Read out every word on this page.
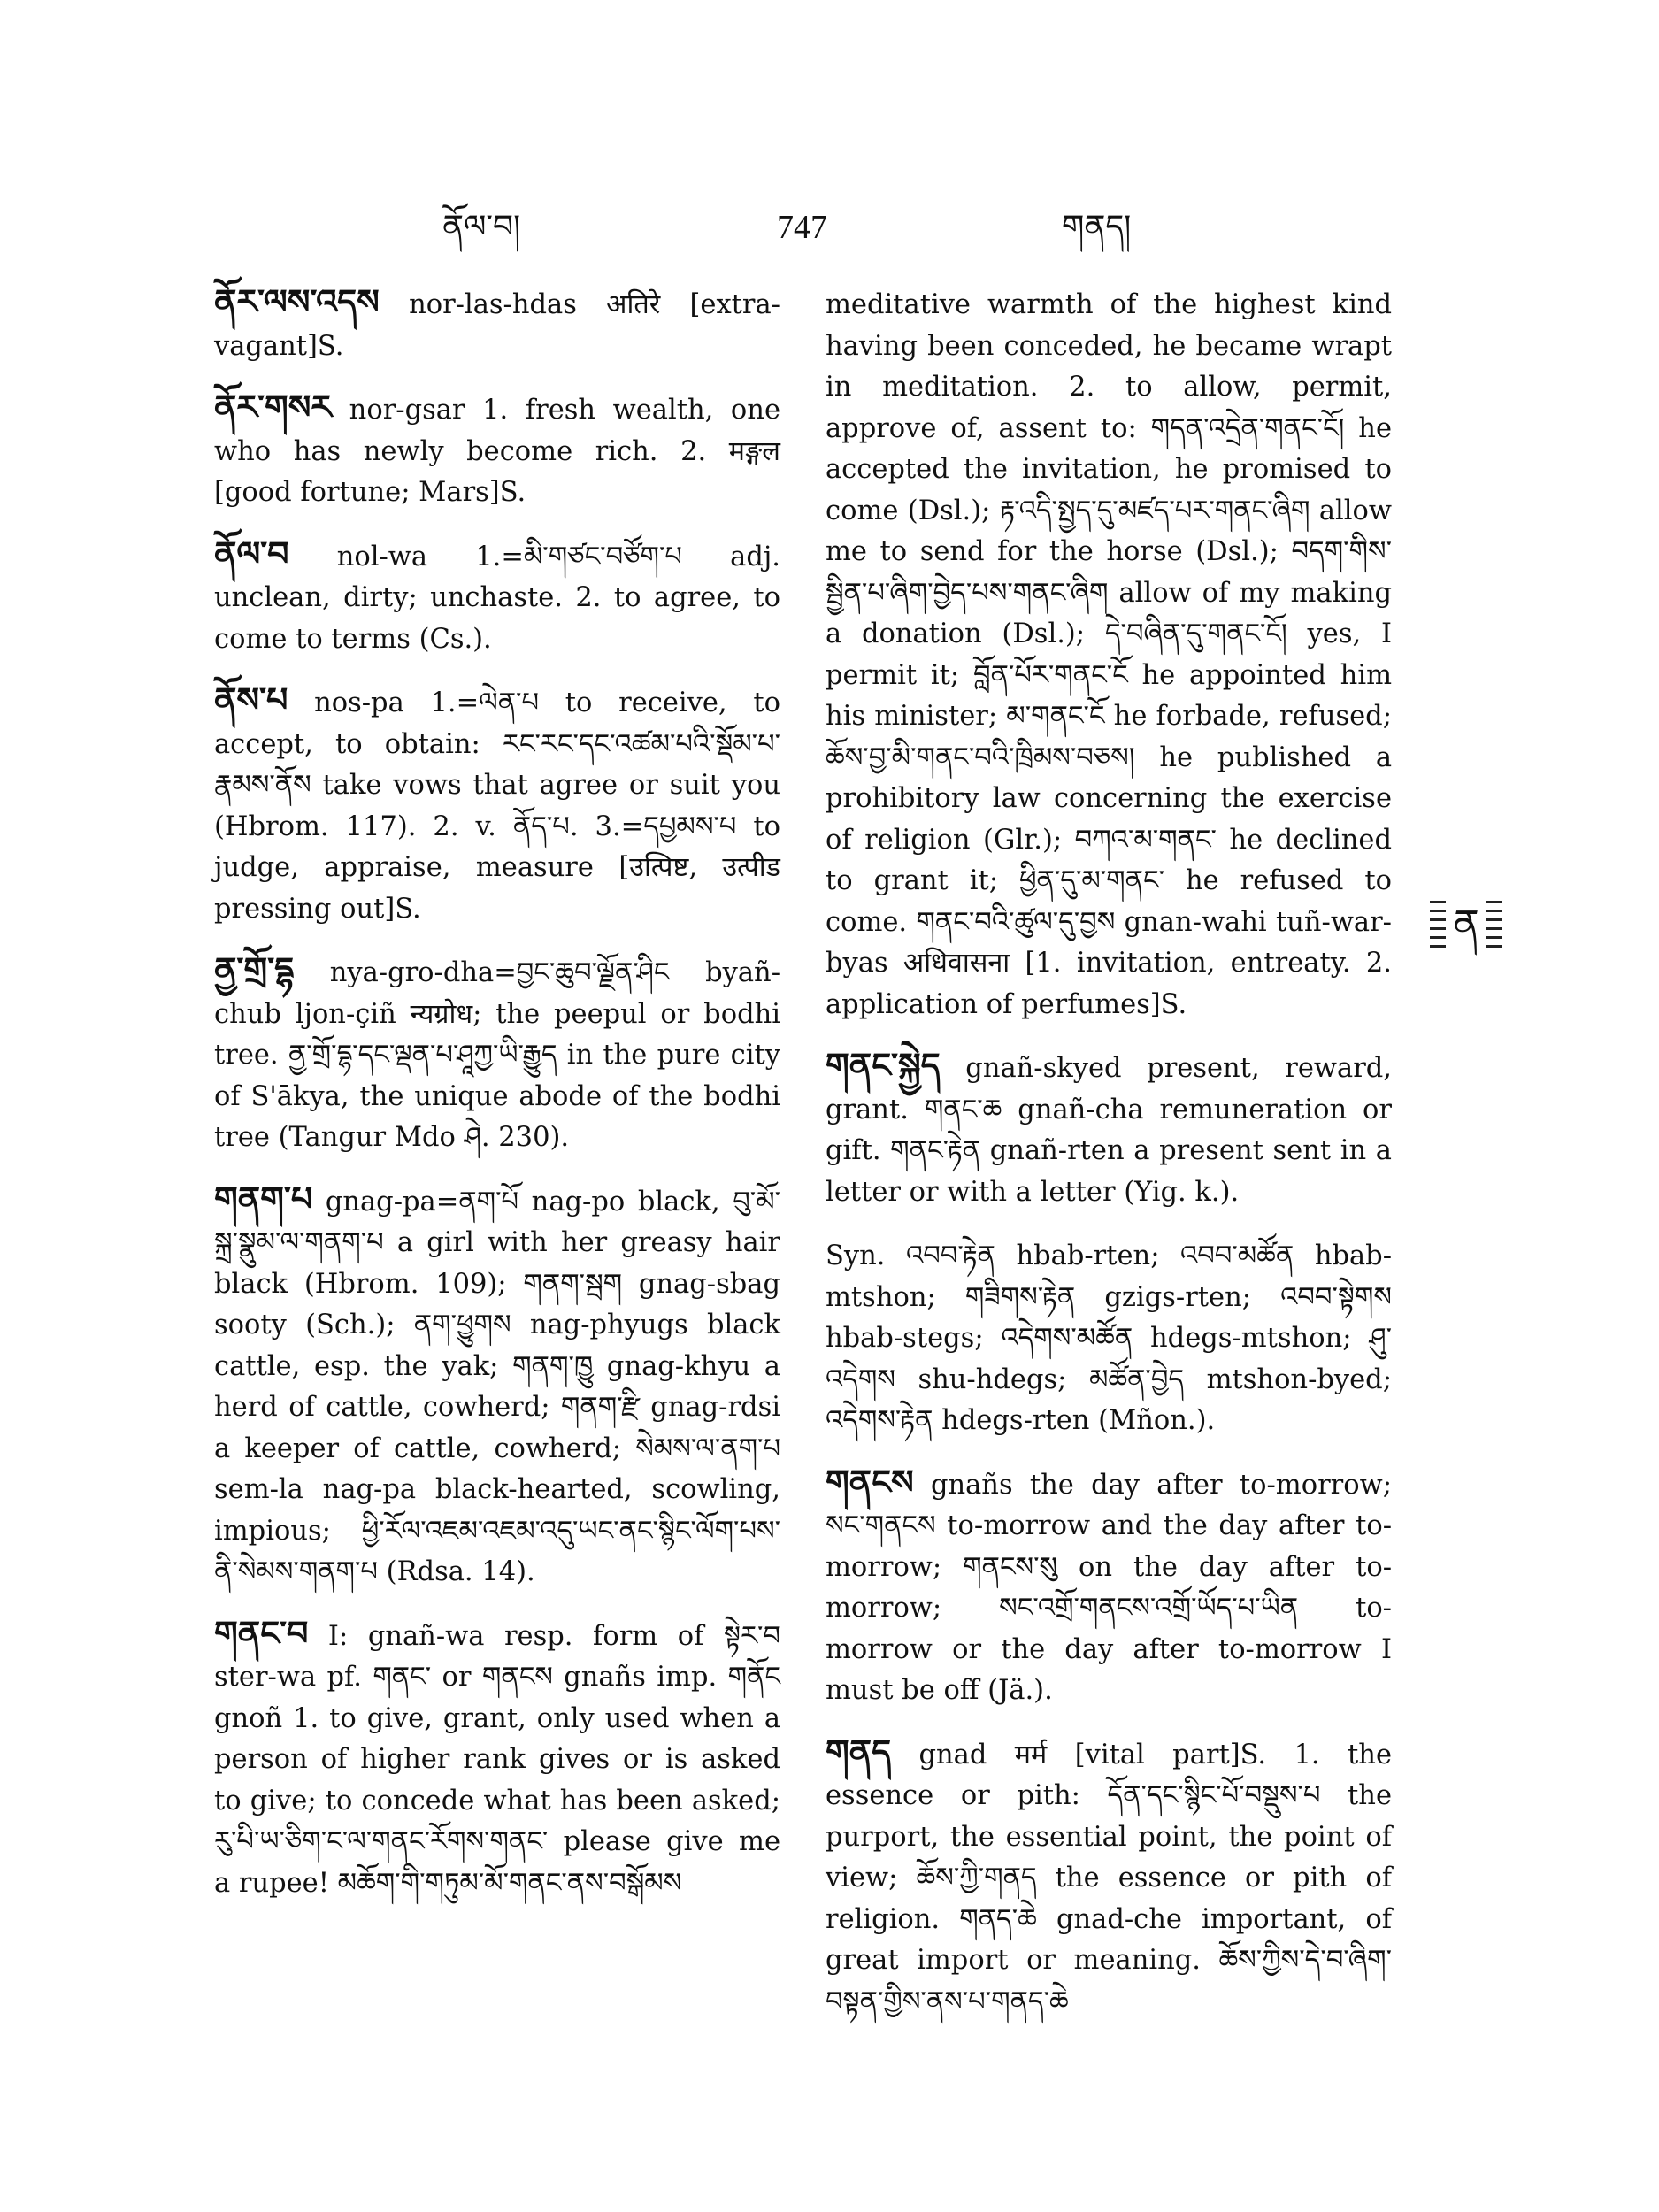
ནོལ་བ།	747	གནད།

ནོར་ལས་འདས nor-las-hdas अतिरे [extra-vagant]S.

ནོར་གསར nor-gsar 1. fresh wealth, one who has newly become rich. 2. मङ्गल [good fortune; Mars]S.

ནོལ་བ nol-wa 1.=མི་གཙང་བཙོག་པ adj. unclean, dirty; unchaste. 2. to agree, to come to terms (Cs.).

ནོས་པ nos-pa 1.=ལེན་པ to receive, to accept, to obtain: རང་རང་དང་འཚམ་པའི་སྡོམ་པ་རྣམས་ནོས take vows that agree or suit you (Hbrom. 117). 2. v. ནོད་པ. 3.=དཔྱམས་པ to judge, appraise, measure [उत्पिष्ट, उत्पीड pressing out]S.

ནྱ་གྲོ་དྷ nya-gro-dha=བྱང་ཆུབ་ལྗོན་ཤིང byañ-chub ljon-çiñ न्यग्रोध; the peepul or bodhi tree. ནྱ་གྲོ་དྷ་དང་ལྡན་པ་ཤཱཀྱ་ཡི་རྒྱུད in the pure city of S'ākya, the unique abode of the bodhi tree (Tangur Mdo ཤེ. 230).

གནག་པ gnag-pa=ནག་པོ nag-po black, བུ་མོ་སྐྲ་སྣུམ་ལ་གནག་པ a girl with her greasy hair black (Hbrom. 109); གནག་སྦག gnag-sbag sooty (Sch.); ནག་ཕྱུགས nag-phyugs black cattle, esp. the yak; གནག་ཁྱུ gnag-khyu a herd of cattle, cowherd; གནག་རྫི gnag-rdsi a keeper of cattle, cowherd; སེམས་ལ་ནག་པ sem-la nag-pa black-hearted, scowling, impious; ཕྱི་རོལ་འཇམ་འཇམ་འདུ་ཡང་ནང་སྙིང་ལོག་པས་ནི་སེམས་གནག་པ (Rdsa. 14).

གནང་བ I: gnañ-wa resp. form of སྟེར་བ ster-wa pf. གནང་ or གནངས gnañs imp. གནོང gnoñ 1. to give, grant, only used when a person of higher rank gives or is asked to give; to concede what has been asked; རུ་པི་ཡ་ཅིག་ང་ལ་གནང་རོགས་གནང་ please give me a rupee! མཆོག་གི་གཏུམ་མོ་གནང་ནས་བསྒོམས

meditative warmth of the highest kind having been conceded, he became wrapt in meditation. 2. to allow, permit, approve of, assent to: གདན་འདྲེན་གནང་ངོ། he accepted the invitation, he promised to come (Dsl.); རྟ་འདི་སྤྱད་དུ་མཛད་པར་གནང་ཞིག allow me to send for the horse (Dsl.); བདག་གིས་སྦྱིན་པ་ཞིག་བྱེད་པས་གནང་ཞིག allow of my making a donation (Dsl.); དེ་བཞིན་དུ་གནང་ངོ། yes, I permit it; བློན་པོར་གནང་ངོ he appointed him his minister; མ་གནང་ངོ he forbade, refused; ཆོས་བྱ་མི་གནང་བའི་ཁྲིམས་བཅས། he published a prohibitory law concerning the exercise of religion (Glr.); བཀའ་མ་གནང་ he declined to grant it; ཕྱིན་དུ་མ་གནང་ he refused to come. གནང་བའི་ཚུལ་དུ་བྱས gnan-wahi tuñ-war-byas अधिवासना [1. invitation, entreaty. 2. application of perfumes]S.

གནང་སྐྱེད gnañ-skyed present, reward, grant. གནང་ཆ gnañ-cha remuneration or gift. གནང་རྟེན gnañ-rten a present sent in a letter or with a letter (Yig. k.).

Syn. འབབ་རྟེན hbab-rten; འབབ་མཚོན hbab-mtshon; གཟིགས་རྟེན gzigs-rten; འབབ་སྟེགས hbab-stegs; འདེགས་མཚོན hdegs-mtshon; ཤུ་འདེགས shu-hdegs; མཚོན་བྱེད mtshon-byed; འདེགས་རྟེན hdegs-rten (Mñon.).

གནངས gnañs the day after to-morrow; སང་གནངས to-morrow and the day after to-morrow; གནངས་སུ on the day after to-morrow; སང་འགྲོ་གནངས་འགྲོ་ཡོད་པ་ཡིན to-morrow or the day after to-morrow I must be off (Jä.).

གནད gnad मर्म [vital part]S. 1. the essence or pith: དོན་དང་སྙིང་པོ་བསྡུས་པ the purport, the essential point, the point of view; ཆོས་ཀྱི་གནད the essence or pith of religion. གནད་ཆེ gnad-che important, of great import or meaning. ཆོས་ཀྱིས་དེ་བ་ཞིག་བསྟན་གྱིས་ནས་པ་གནད་ཆེ

ན
